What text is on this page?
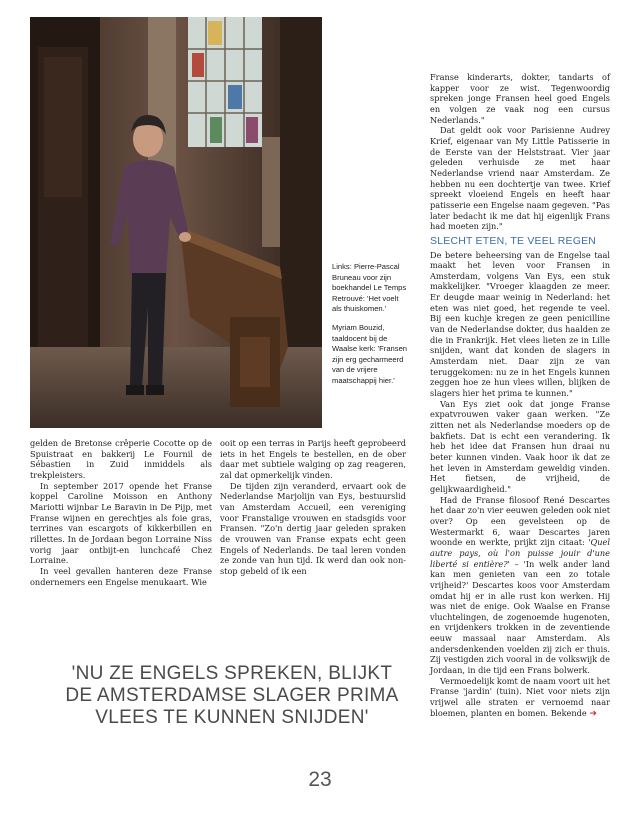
Links: Pierre-Pascal Bruneau voor zijn boekhandel Le Temps Retrouvé: 'Het voelt als thuiskomen.'

Myriam Bouzid, taaldocent bij de Waalse kerk: 'Fransen zijn erg gecharmeerd van de vrijere maatschappij hier.'

gelden de Bretonse crêperie Cocotte op de Spuistraat en bakkerij Le Fournil de Sébastien in Zuid inmiddels als trekpleisters.

In september 2017 opende het Franse koppel Caroline Moisson en Anthony Mariotti wijnbar Le Baravin in De Pijp, met Franse wijnen en gerechtjes als foie gras, terrines van escargots of kikkerbillen en rillettes. In de Jordaan begon Lorraine Niss vorig jaar ontbijt-en lunchcafé Chez Lorraine.

In veel gevallen hanteren deze Franse ondernemers een Engelse menukaart. Wie

ooit op een terras in Parijs heeft geprobeerd iets in het Engels te bestellen, en de ober daar met subtiele walging op zag reageren, zal dat opmerkelijk vinden.

De tijden zijn veranderd, ervaart ook de Nederlandse Marjolijn van Eys, bestuurslid van Amsterdam Accueil, een vereniging voor Franstalige vrouwen en stadsgids voor Fransen. "Zo'n dertig jaar geleden spraken de vrouwen van Franse expats echt geen Engels of Nederlands. De taal leren vonden ze zonde van hun tijd. Ik werd dan ook non-stop gebeld of ik een

Franse kinderarts, dokter, tandarts of kapper voor ze wist. Tegenwoordig spreken jonge Fransen heel goed Engels en volgen ze vaak nog een cursus Nederlands."

Dat geldt ook voor Parisienne Audrey Krief, eigenaar van My Little Patisserie in de Eerste van der Helststraat. Vier jaar geleden verhuisde ze met haar Nederlandse vriend naar Amsterdam. Ze hebben nu een dochtertje van twee. Krief spreekt vloeiend Engels en heeft haar patisserie een Engelse naam gegeven. "Pas later bedacht ik me dat hij eigenlijk Frans had moeten zijn."

SLECHT ETEN, TE VEEL REGEN

De betere beheersing van de Engelse taal maakt het leven voor Fransen in Amsterdam, volgens Van Eys, een stuk makkelijker. "Vroeger klaagden ze meer. Er deugde maar weinig in Nederland: het eten was niet goed, het regende te veel. Bij een kuchje kregen ze geen penicilline van de Nederlandse dokter, dus haalden ze die in Frankrijk. Het vlees lieten ze in Lille snijden, want dat konden de slagers in Amsterdam niet. Daar zijn ze van teruggekomen: nu ze in het Engels kunnen zeggen hoe ze hun vlees willen, blijken de slagers hier het prima te kunnen."

Van Eys ziet ook dat jonge Franse expatvrouwen vaker gaan werken. "Ze zitten net als Nederlandse moeders op de bakfiets. Dat is echt een verandering. Ik heb het idee dat Fransen hun draai nu beter kunnen vinden. Vaak hoor ik dat ze het leven in Amsterdam geweldig vinden. Het fietsen, de vrijheid, de gelijkwaardigheid."

Had de Franse filosoof René Descartes het daar zo'n vier eeuwen geleden ook niet over? Op een gevelsteen op de Westermarkt 6, waar Descartes jaren woonde en werkte, prijkt zijn citaat: 'Quel autre pays, où l'on puisse jouir d'une liberté si entière?' – 'In welk ander land kan men genieten van een zo totale vrijheid?' Descartes koos voor Amsterdam omdat hij er in alle rust kon werken. Hij was niet de enige. Ook Waalse en Franse vluchtelingen, de zogenoemde hugenoten, en vrijdenkers trokken in de zeventiende eeuw massaal naar Amsterdam. Als andersdenkenden voelden zij zich er thuis. Zij vestigden zich vooral in de volkswijk de Jordaan, in die tijd een Frans bolwerk.

Vermoedelijk komt de naam voort uit het Franse 'jardin' (tuin). Niet voor niets zijn vrijwel alle straten er vernoemd naar bloemen, planten en bomen. Bekende ➜

'NU ZE ENGELS SPREKEN, BLIJKT
DE AMSTERDAMSE SLAGER PRIMA
VLEES TE KUNNEN SNIJDEN'
23
